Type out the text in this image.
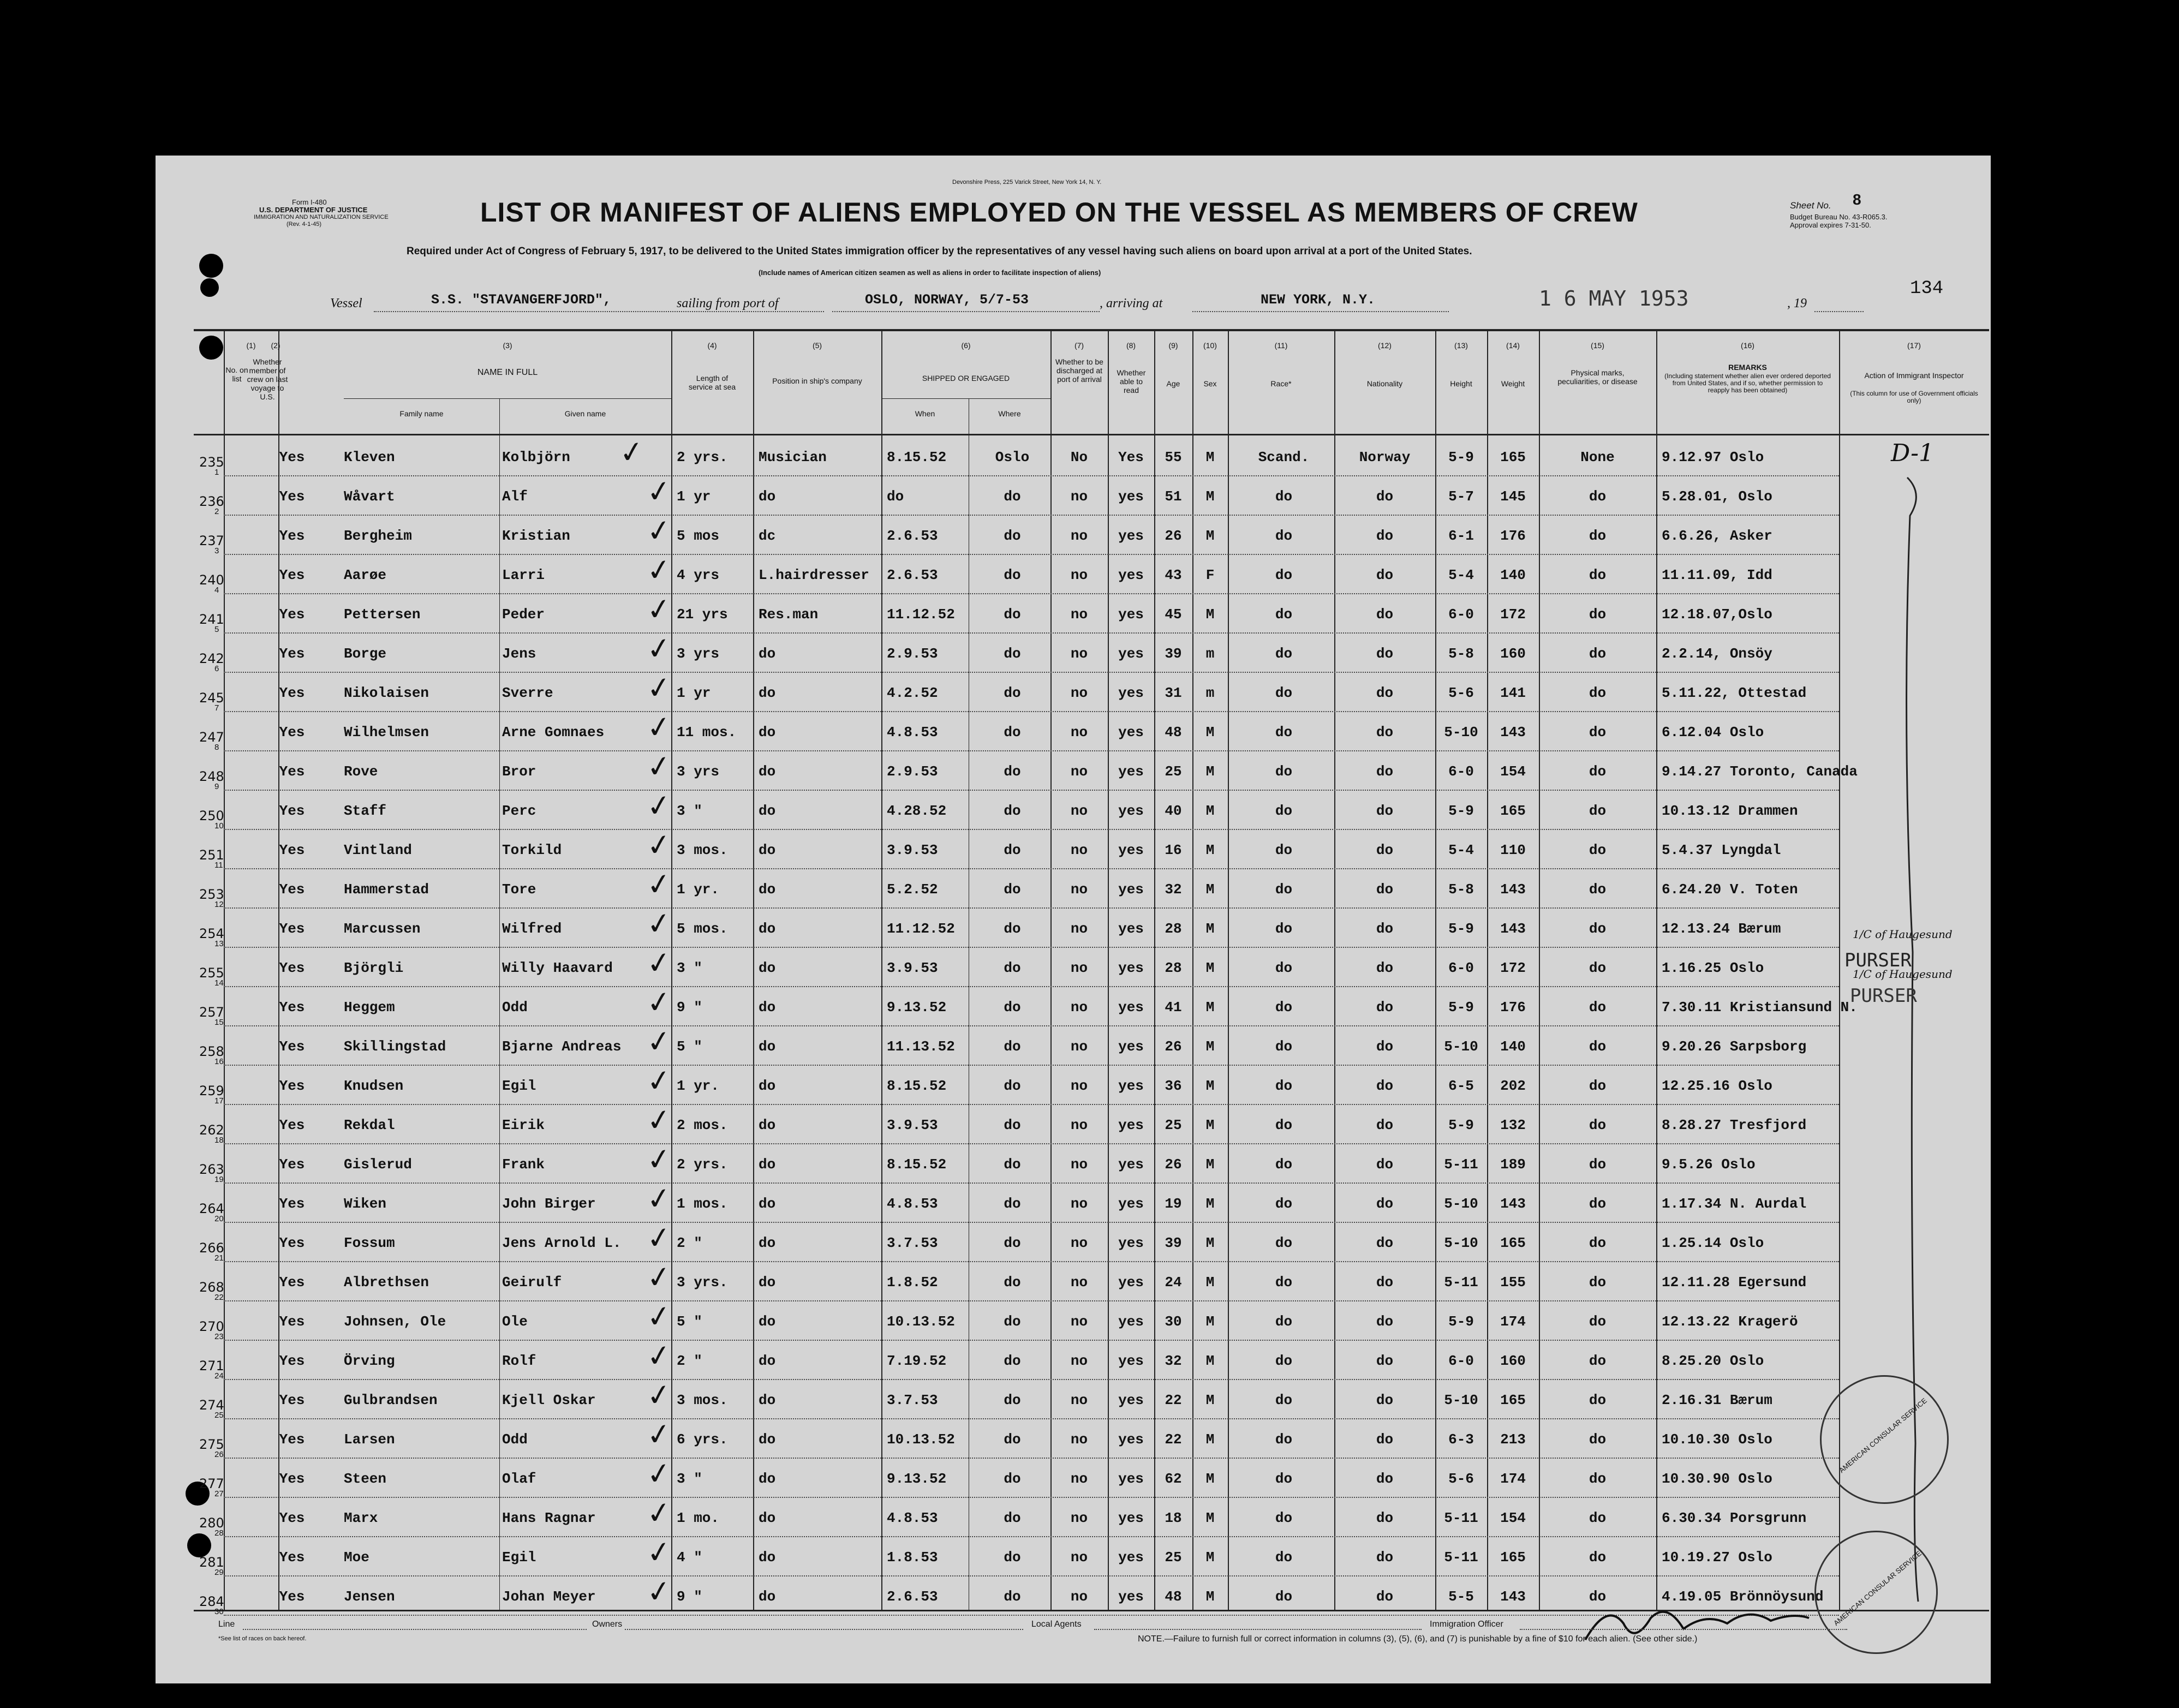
Form I-480
U.S. DEPARTMENT OF JUSTICE
IMMIGRATION AND NATURALIZATION SERVICE
(Rev. 4-1-45)
Devonshire Press, 225 Varick Street, New York 14, N. Y.
LIST OR MANIFEST OF ALIENS EMPLOYED ON THE VESSEL AS MEMBERS OF CREW	Sheet No. 8
Budget Bureau No. 43-R065.3.
Approval expires 7-31-50.
Required under Act of Congress of February 5, 1917, to be delivered to the United States immigration officer by the representatives of any vessel having such aliens on board upon arrival at a port of the United States.
(Include names of American citizen seamen as well as aliens in order to facilitate inspection of aliens)
Vessel	S.S. "STAVANGERFJORD",	sailing from port of	OSLO, NORWAY, 5/7-53	, arriving at	NEW YORK, N.Y.	1 6 MAY 1953	, 19
134
(1)
No. on list
(2)
Whether member of crew on last voyage to U.S.
(3)
NAME IN FULL
Family name	Given name
(4)
Length of service at sea
(5)
Position in ship's company
(6)
SHIPPED OR ENGAGED
When	Where
(7)
Whether to be discharged at port of arrival
(8)
Whether able to read
(9)
Age
(10)
Sex
(11)
Race*
(12)
Nationality
(13)
Height
(14)
Weight
(15)
Physical marks, peculiarities, or disease
(16)
REMARKS
(Including statement whether alien ever ordered deported from United States, and if so, whether permission to reapply has been obtained)
(17)
Action of Immigrant Inspector
(This column for use of Government officials only)
235
1
Yes	Kleven	Kolbjörn	2 yrs.	Musician	8.15.52	Oslo	No	Yes	55	M	Scand.	Norway	5-9	165	None	9.12.97 Oslo
✓
236
2
Yes	Wåvart	Alf	1 yr	do	do	do	no	yes	51	M	do	do	5-7	145	do	5.28.01, Oslo
✓
237
3
Yes	Bergheim	Kristian	5 mos	dc	2.6.53	do	no	yes	26	M	do	do	6-1	176	do	6.6.26, Asker
✓
240
4
Yes	Aarøe	Larri	4 yrs	L.hairdresser	2.6.53	do	no	yes	43	F	do	do	5-4	140	do	11.11.09, Idd
✓
241
5
Yes	Pettersen	Peder	21 yrs	Res.man	11.12.52	do	no	yes	45	M	do	do	6-0	172	do	12.18.07,Oslo
✓
242
6
Yes	Borge	Jens	3 yrs	do	2.9.53	do	no	yes	39	m	do	do	5-8	160	do	2.2.14, Onsöy
✓
245
7
Yes	Nikolaisen	Sverre	1 yr	do	4.2.52	do	no	yes	31	m	do	do	5-6	141	do	5.11.22, Ottestad
✓
247
8
Yes	Wilhelmsen	Arne Gomnaes	11 mos.	do	4.8.53	do	no	yes	48	M	do	do	5-10	143	do	6.12.04 Oslo
✓
248
9
Yes	Rove	Bror	3 yrs	do	2.9.53	do	no	yes	25	M	do	do	6-0	154	do	9.14.27 Toronto, Canada
✓
250
10
Yes	Staff	Perc	3 "	do	4.28.52	do	no	yes	40	M	do	do	5-9	165	do	10.13.12 Drammen
✓
251
11
Yes	Vintland	Torkild	3 mos.	do	3.9.53	do	no	yes	16	M	do	do	5-4	110	do	5.4.37 Lyngdal
✓
253
12
Yes	Hammerstad	Tore	1 yr.	do	5.2.52	do	no	yes	32	M	do	do	5-8	143	do	6.24.20 V. Toten
✓
254
13
Yes	Marcussen	Wilfred	5 mos.	do	11.12.52	do	no	yes	28	M	do	do	5-9	143	do	12.13.24 Bærum
✓
255
14
Yes	Björgli	Willy Haavard	3 "	do	3.9.53	do	no	yes	28	M	do	do	6-0	172	do	1.16.25 Oslo
✓
257
15
Yes	Heggem	Odd	9 "	do	9.13.52	do	no	yes	41	M	do	do	5-9	176	do	7.30.11 Kristiansund N.
✓
258
16
Yes	Skillingstad	Bjarne Andreas	5 "	do	11.13.52	do	no	yes	26	M	do	do	5-10	140	do	9.20.26 Sarpsborg
✓
259
17
Yes	Knudsen	Egil	1 yr.	do	8.15.52	do	no	yes	36	M	do	do	6-5	202	do	12.25.16 Oslo
✓
262
18
Yes	Rekdal	Eirik	2 mos.	do	3.9.53	do	no	yes	25	M	do	do	5-9	132	do	8.28.27 Tresfjord
✓
263
19
Yes	Gislerud	Frank	2 yrs.	do	8.15.52	do	no	yes	26	M	do	do	5-11	189	do	9.5.26 Oslo
✓
264
20
Yes	Wiken	John Birger	1 mos.	do	4.8.53	do	no	yes	19	M	do	do	5-10	143	do	1.17.34 N. Aurdal
✓
266
21
Yes	Fossum	Jens Arnold L.	2 "	do	3.7.53	do	no	yes	39	M	do	do	5-10	165	do	1.25.14 Oslo
✓
268
22
Yes	Albrethsen	Geirulf	3 yrs.	do	1.8.52	do	no	yes	24	M	do	do	5-11	155	do	12.11.28 Egersund
✓
270
23
Yes	Johnsen, Ole	Ole	5 "	do	10.13.52	do	no	yes	30	M	do	do	5-9	174	do	12.13.22 Kragerö
✓
271
24
Yes	Örving	Rolf	2 "	do	7.19.52	do	no	yes	32	M	do	do	6-0	160	do	8.25.20 Oslo
✓
274
25
Yes	Gulbrandsen	Kjell Oskar	3 mos.	do	3.7.53	do	no	yes	22	M	do	do	5-10	165	do	2.16.31 Bærum
✓
275
26
Yes	Larsen	Odd	6 yrs.	do	10.13.52	do	no	yes	22	M	do	do	6-3	213	do	10.10.30 Oslo
✓
277
27
Yes	Steen	Olaf	3 "	do	9.13.52	do	no	yes	62	M	do	do	5-6	174	do	10.30.90 Oslo
✓
280
28
Yes	Marx	Hans Ragnar	1 mo.	do	4.8.53	do	no	yes	18	M	do	do	5-11	154	do	6.30.34 Porsgrunn
✓
281
29
Yes	Moe	Egil	4 "	do	1.8.53	do	no	yes	25	M	do	do	5-11	165	do	10.19.27 Oslo
✓
284
30
Yes	Jensen	Johan Meyer	9 "	do	2.6.53	do	no	yes	48	M	do	do	5-5	143	do	4.19.05 Brönnöysund
✓
D-1
PURSER
PURSER
1/C of Haugesund
1/C of Haugesund
AMERICAN CONSULAR SERVICE
AMERICAN CONSULAR SERVICE
Line	Owners	Local Agents	Immigration Officer
*See list of races on back hereof.	NOTE.—Failure to furnish full or correct information in columns (3), (5), (6), and (7) is punishable by a fine of $10 for each alien. (See other side.)
